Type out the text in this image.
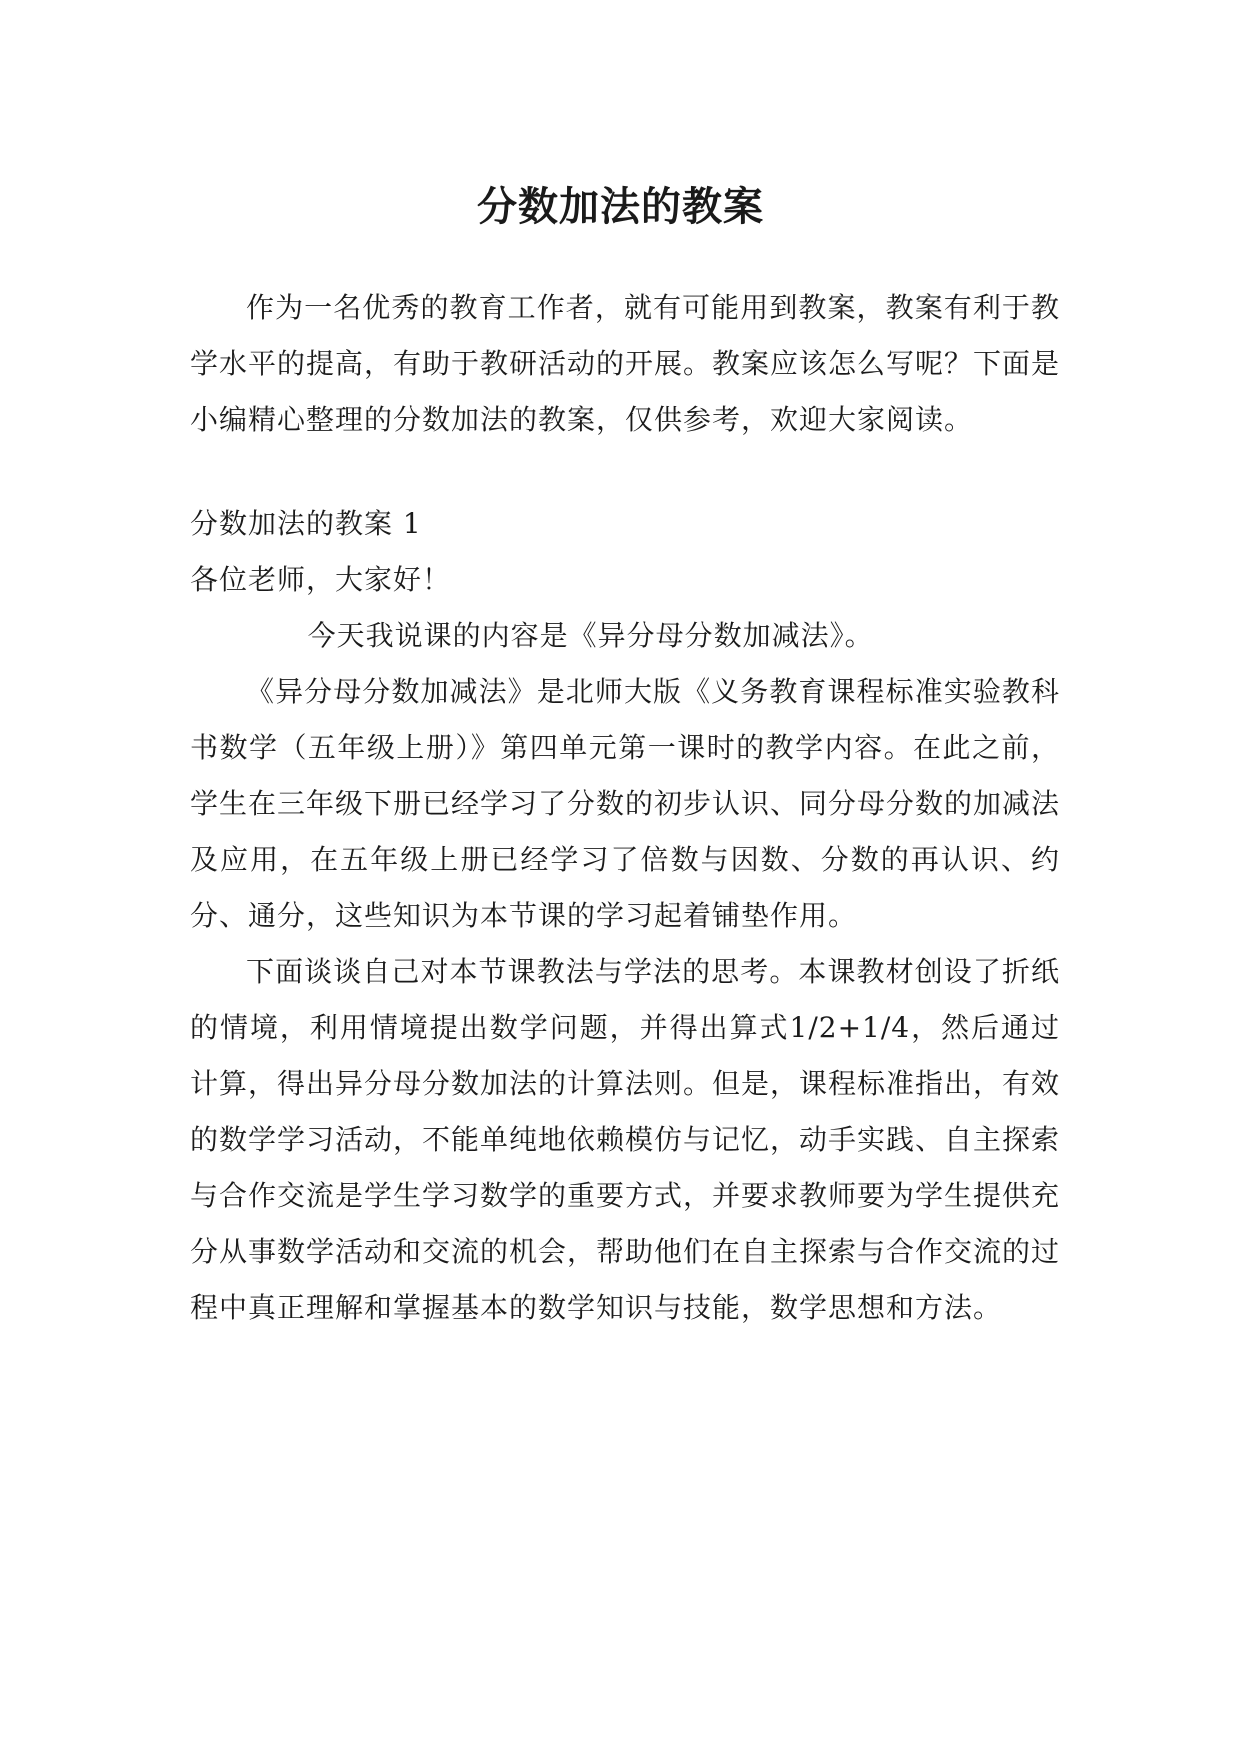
分数加法的教案

作为一名优秀的教育工作者，就有可能用到教案，教案有利于教学水平的提高，有助于教研活动的开展。教案应该怎么写呢？下面是小编精心整理的分数加法的教案，仅供参考，欢迎大家阅读。

分数加法的教案 1

各位老师，大家好！

今天我说课的内容是《异分母分数加减法》。

《异分母分数加减法》是北师大版《义务教育课程标准实验教科书数学（五年级上册）》第四单元第一课时的教学内容。在此之前，学生在三年级下册已经学习了分数的初步认识、同分母分数的加减法及应用，在五年级上册已经学习了倍数与因数、分数的再认识、约分、通分，这些知识为本节课的学习起着铺垫作用。

下面谈谈自己对本节课教法与学法的思考。本课教材创设了折纸的情境，利用情境提出数学问题，并得出算式1/2+1/4，然后通过计算，得出异分母分数加法的计算法则。但是，课程标准指出，有效的数学学习活动，不能单纯地依赖模仿与记忆，动手实践、自主探索与合作交流是学生学习数学的重要方式，并要求教师要为学生提供充分从事数学活动和交流的机会，帮助他们在自主探索与合作交流的过程中真正理解和掌握基本的数学知识与技能，数学思想和方法。
